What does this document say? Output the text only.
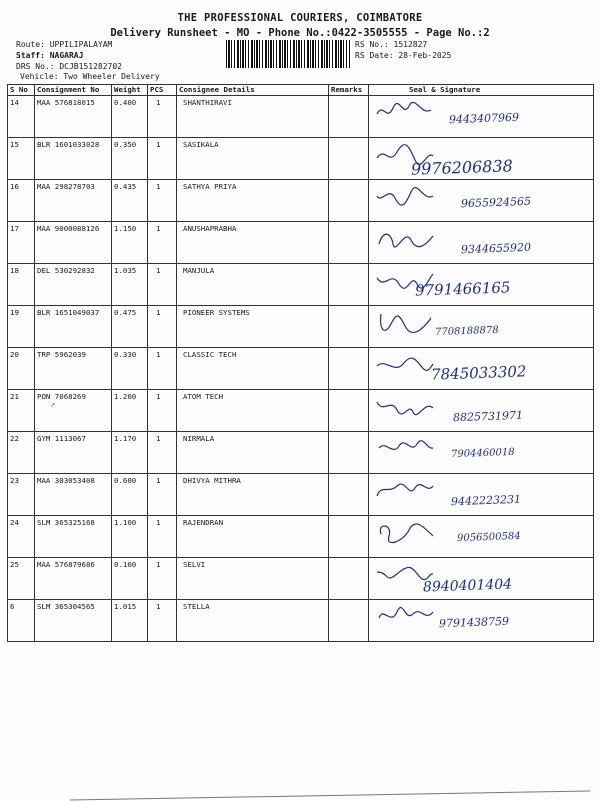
THE PROFESSIONAL COURIERS, COIMBATORE
Delivery Runsheet - MO - Phone No.:0422-3505555 - Page No.:2
Route: UPPILIPALAYAM
Staff: NAGARAJ
DRS No.: DCJB151282702
Vehicle: Two Wheeler Delivery
RS No.: 1512827
RS Date: 28-Feb-2025
S No	Consignment No	Weight	PCS	Consignee Details	Remarks	Seal & Signature
14	MAA 576818015	0.400	1	SHANTHIRAVI		9443407969

15	BLR 1601033028	0.350	1	SASIKALA		9976206838

16	MAA 298278703	0.435	1	SATHYA PRIYA		9655924565

17	MAA 9000088126	1.150	1	ANUSHAPRABHA		9344655920

18	DEL 530292832	1.035	1	MANJULA		9791466165

19	BLR 1651049037	0.475	1	PIONEER SYSTEMS		7708188878

20	TRP 5962039	0.330	1	CLASSIC TECH		7845033302

21	PON 7068269	1.200	1	ATOM TECH		8825731971

22	GYM 1113067	1.170	1	NIRMALA		7904460018

23	MAA 303053408	0.600	1	DHIVYA MITHRA		9442223231

24	SLM 365325168	1.100	1	RAJENDRAN		9056500584

25	MAA 576879686	0.100	1	SELVI		8940401404

6	SLM 365304565	1.015	1	STELLA		9791438759
↗
